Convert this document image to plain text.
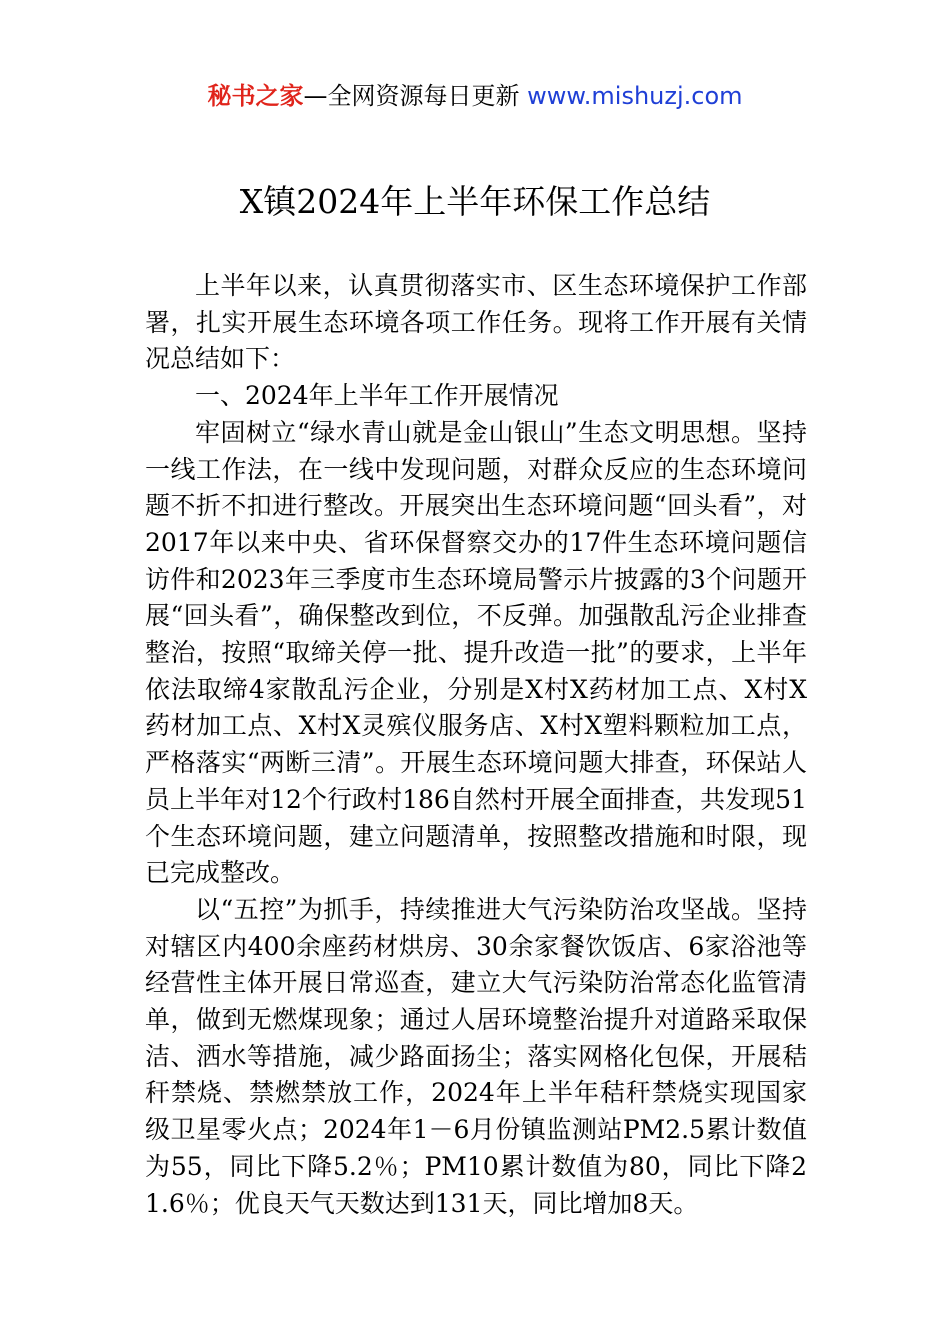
秘书之家—全网资源每日更新 www.mishuzj.com
X镇2024年上半年环保工作总结

上半年以来，认真贯彻落实市、区生态环境保护工作部署，扎实开展生态环境各项工作任务。现将工作开展有关情况总结如下：

一、2024年上半年工作开展情况

牢固树立“绿水青山就是金山银山”生态文明思想。坚持一线工作法，在一线中发现问题，对群众反应的生态环境问题不折不扣进行整改。开展突出生态环境问题“回头看”，对2017年以来中央、省环保督察交办的17件生态环境问题信访件和2023年三季度市生态环境局警示片披露的3个问题开展“回头看”，确保整改到位，不反弹。加强散乱污企业排查整治，按照“取缔关停一批、提升改造一批”的要求，上半年依法取缔4家散乱污企业，分别是X村X药材加工点、X村X药材加工点、X村X灵殡仪服务店、X村X塑料颗粒加工点，严格落实“两断三清”。开展生态环境问题大排查，环保站人员上半年对12个行政村186自然村开展全面排查，共发现51个生态环境问题，建立问题清单，按照整改措施和时限，现已完成整改。

以“五控”为抓手，持续推进大气污染防治攻坚战。坚持对辖区内400余座药材烘房、30余家餐饮饭店、6家浴池等经营性主体开展日常巡查，建立大气污染防治常态化监管清单，做到无燃煤现象；通过人居环境整治提升对道路采取保洁、洒水等措施，减少路面扬尘；落实网格化包保，开展秸秆禁烧、禁燃禁放工作，2024年上半年秸秆禁烧实现国家级卫星零火点；2024年1－6月份镇监测站PM2.5累计数值为55，同比下降5.2％；PM10累计数值为80，同比下降21.6％；优良天气天数达到131天，同比增加8天。
